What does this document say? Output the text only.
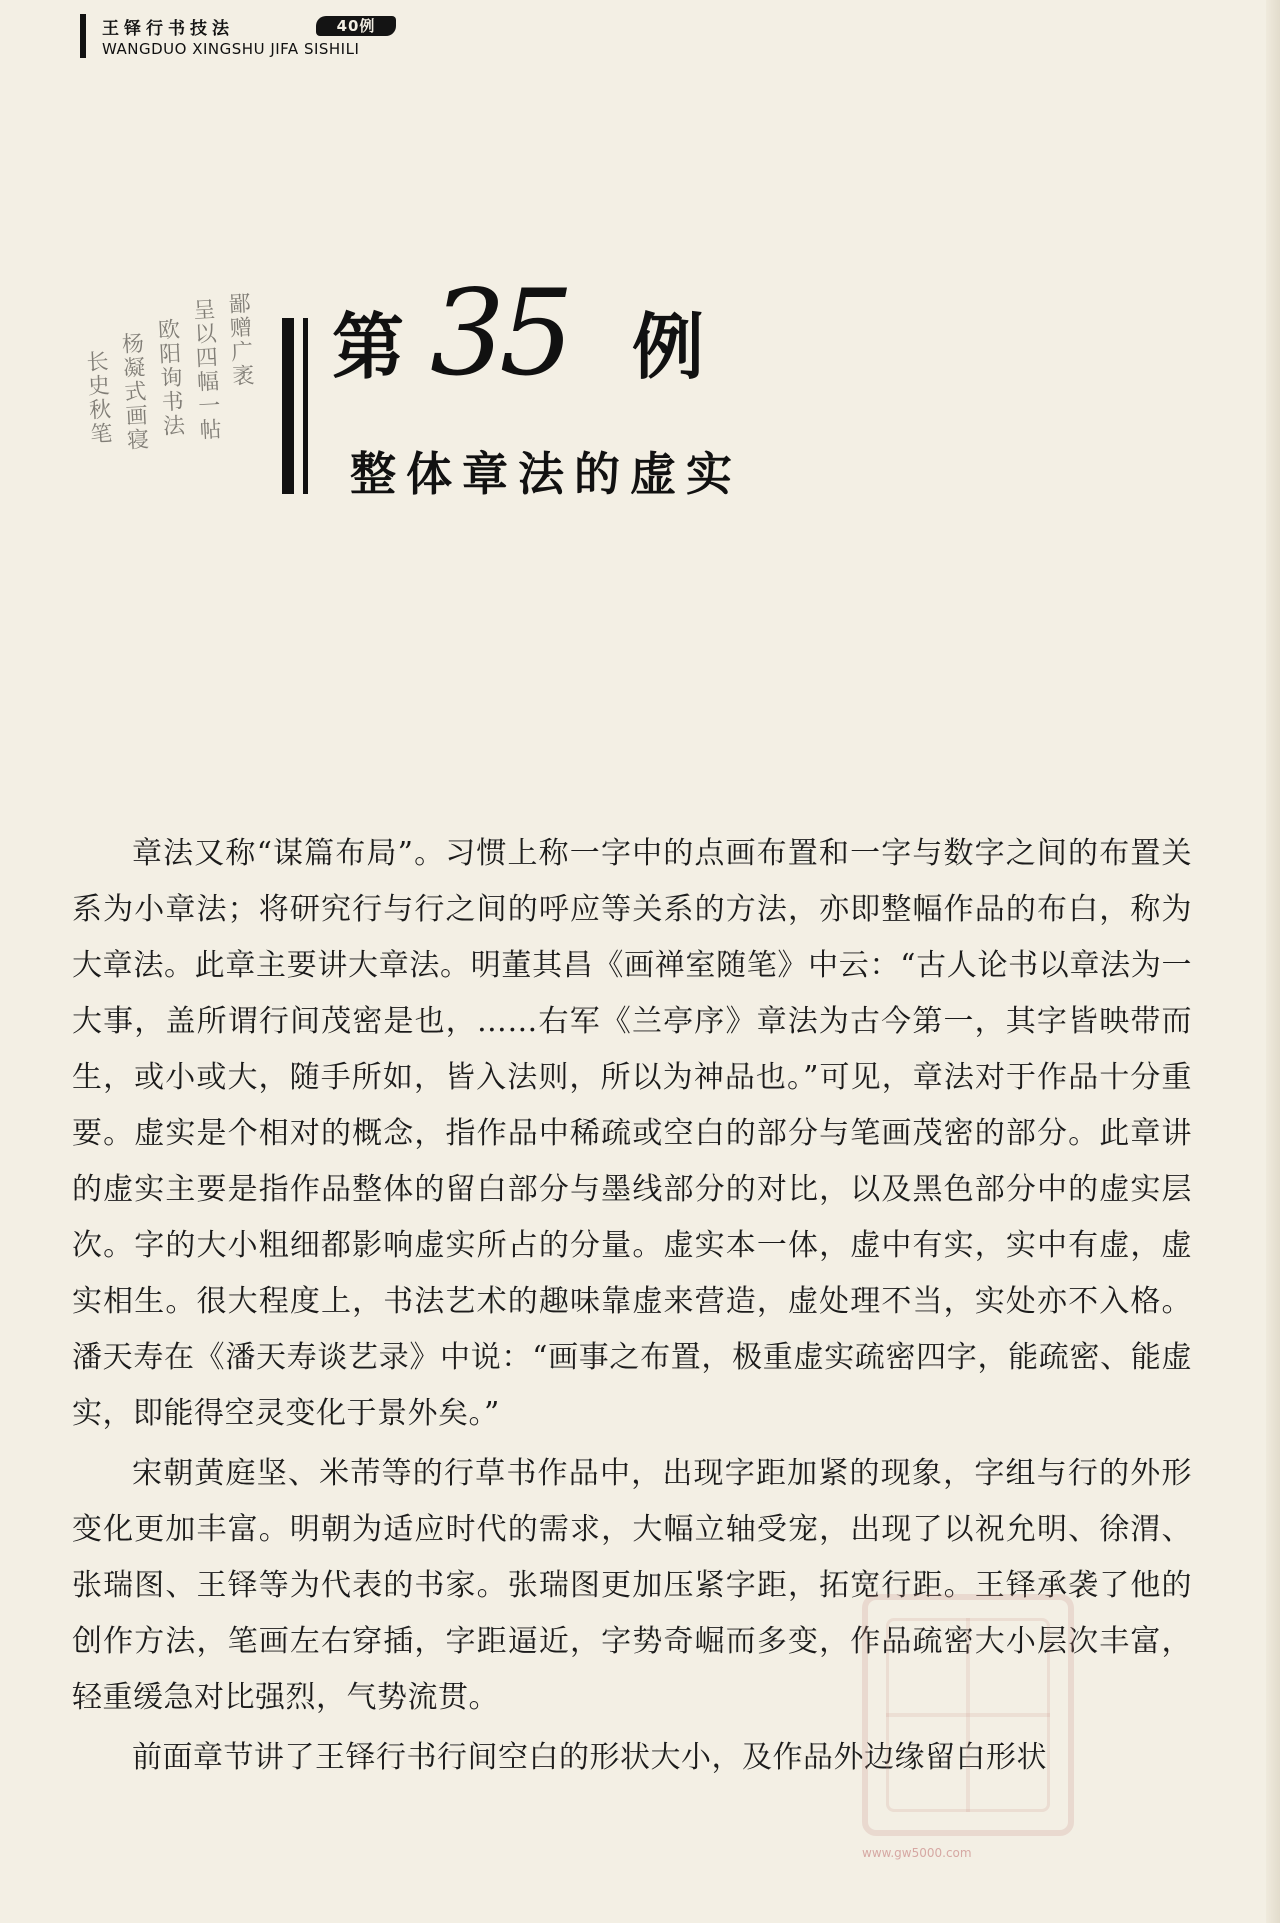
王铎行书技法	40例
WANGDUO XINGSHU JIFA SISHILI
鄙赠广袤
呈以四幅一帖
欧阳询书法
杨凝式画寝
长史秋笔
第 35 例
整体章法的虚实

章法又称“谋篇布局”。习惯上称一字中的点画布置和一字与数字之间的布置关系为小章法；将研究行与行之间的呼应等关系的方法，亦即整幅作品的布白，称为大章法。此章主要讲大章法。明董其昌《画禅室随笔》中云：“古人论书以章法为一大事，盖所谓行间茂密是也，……右军《兰亭序》章法为古今第一，其字皆映带而生，或小或大，随手所如，皆入法则，所以为神品也。”可见，章法对于作品十分重要。虚实是个相对的概念，指作品中稀疏或空白的部分与笔画茂密的部分。此章讲的虚实主要是指作品整体的留白部分与墨线部分的对比，以及黑色部分中的虚实层次。字的大小粗细都影响虚实所占的分量。虚实本一体，虚中有实，实中有虚，虚实相生。很大程度上，书法艺术的趣味靠虚来营造，虚处理不当，实处亦不入格。潘天寿在《潘天寿谈艺录》中说：“画事之布置，极重虚实疏密四字，能疏密、能虚实，即能得空灵变化于景外矣。”

宋朝黄庭坚、米芾等的行草书作品中，出现字距加紧的现象，字组与行的外形变化更加丰富。明朝为适应时代的需求，大幅立轴受宠，出现了以祝允明、徐渭、张瑞图、王铎等为代表的书家。张瑞图更加压紧字距，拓宽行距。王铎承袭了他的创作方法，笔画左右穿插，字距逼近，字势奇崛而多变，作品疏密大小层次丰富，轻重缓急对比强烈，气势流贯。

前面章节讲了王铎行书行间空白的形状大小，及作品外边缘留白形状

www.gw5000.com
